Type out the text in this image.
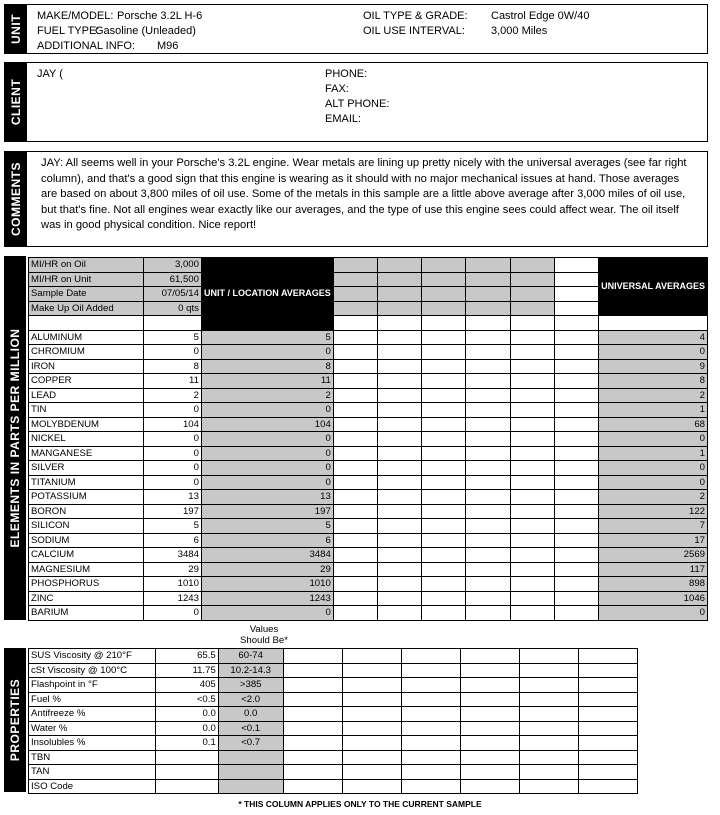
UNIT MAKE/MODEL: Porsche 3.2L H-6
FUEL TYPE:
Gasoline (Unleaded)
ADDITIONAL INFO: M96
OIL TYPE & GRADE: Castrol Edge 0W/40
OIL USE INTERVAL: 3,000 Miles
CLIENT
JAY (	PHONE:
FAX:
ALT PHONE:
EMAIL:
COMMENTS JAY: All seems well in your Porsche's 3.2L engine. Wear metals are lining up pretty nicely with the universal averages (see far right column), and that's a good sign that this engine is wearing as it should with no major mechanical issues at hand. Those averages are based on about 3,800 miles of oil use. Some of the metals in this sample are a little above average after 3,000 miles of oil use, but that's fine. Not all engines wear exactly like our averages, and the type of use this engine sees could affect wear. The oil itself was in good physical condition. Nice report!
ELEMENTS IN PARTS PER MILLION
MI/HR on Oil	3,000	UNIT / LOCATION AVERAGES							UNIVERSAL AVERAGES
MI/HR on Unit	61,500								
Sample Date	07/05/14								
Make Up Oil Added	0 qts								

ALUMINUM	5	5							4
CHROMIUM	0	0							0
IRON	8	8							9
COPPER	11	11							8
LEAD	2	2							2
TIN	0	0							1
MOLYBDENUM	104	104							68
NICKEL	0	0							0
MANGANESE	0	0							1
SILVER	0	0							0
TITANIUM	0	0							0
POTASSIUM	13	13							2
BORON	197	197							122
SILICON	5	5							7
SODIUM	6	6							17
CALCIUM	3484	3484							2569
MAGNESIUM	29	29							117
PHOSPHORUS	1010	1010							898
ZINC	1243	1243							1046
BARIUM	0	0							0
Values Should Be*
PROPERTIES
SUS Viscosity @ 210°F	65.5	60-74						
cSt Viscosity @ 100°C	11.75	10.2-14.3						
Flashpoint in °F	405	>385						
Fuel %	<0.5	<2.0						
Antifreeze %	0.0	0.0						
Water %	0.0	<0.1						
Insolubles %	0.1	<0.7						
TBN								
TAN								
ISO Code								
* THIS COLUMN APPLIES ONLY TO THE CURRENT SAMPLE
